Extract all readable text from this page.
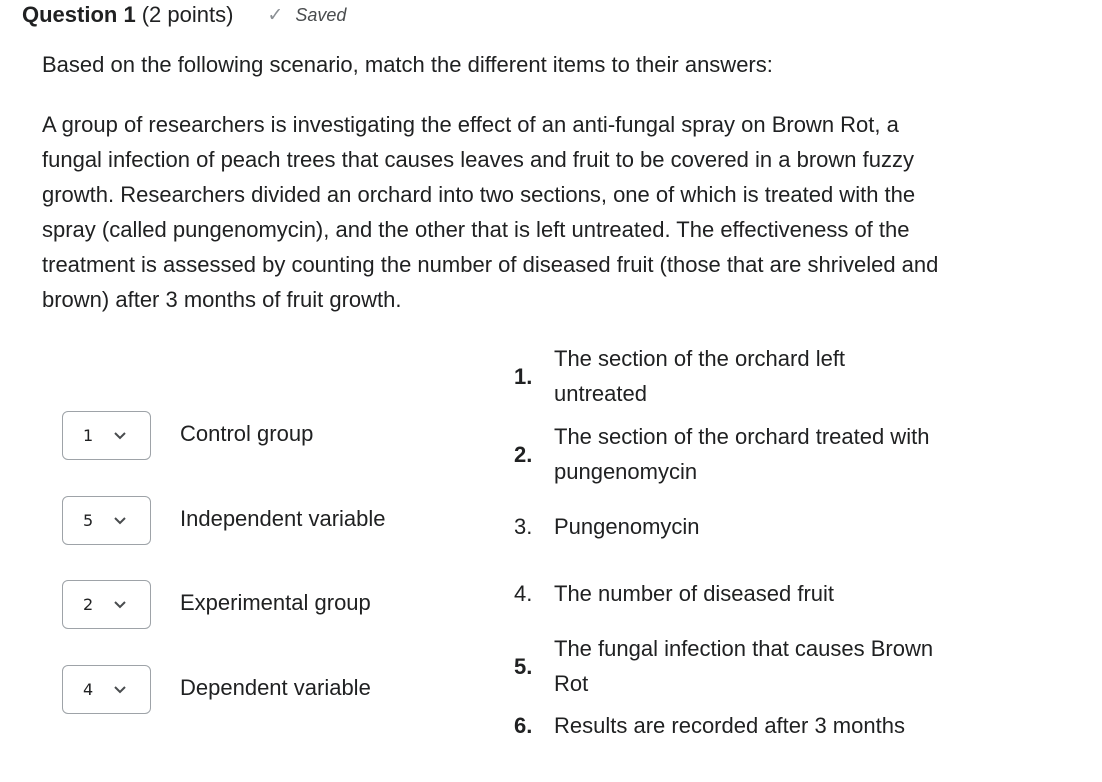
Question 1 (2 points) ✓ Saved
Based on the following scenario, match the different items to their answers:
A group of researchers is investigating the effect of an anti-fungal spray on Brown Rot, a fungal infection of peach trees that causes leaves and fruit to be covered in a brown fuzzy growth. Researchers divided an orchard into two sections, one of which is treated with the spray (called pungenomycin), and the other that is left untreated. The effectiveness of the treatment is assessed by counting the number of diseased fruit (those that are shriveled and brown) after 3 months of fruit growth.
1	Control group
5	Independent variable
2	Experimental group
4	Dependent variable
1.
The section of the orchard left untreated
2.
The section of the orchard treated with pungenomycin
3. Pungenomycin
4. The number of diseased fruit
5.
The fungal infection that causes Brown Rot
6. Results are recorded after 3 months
